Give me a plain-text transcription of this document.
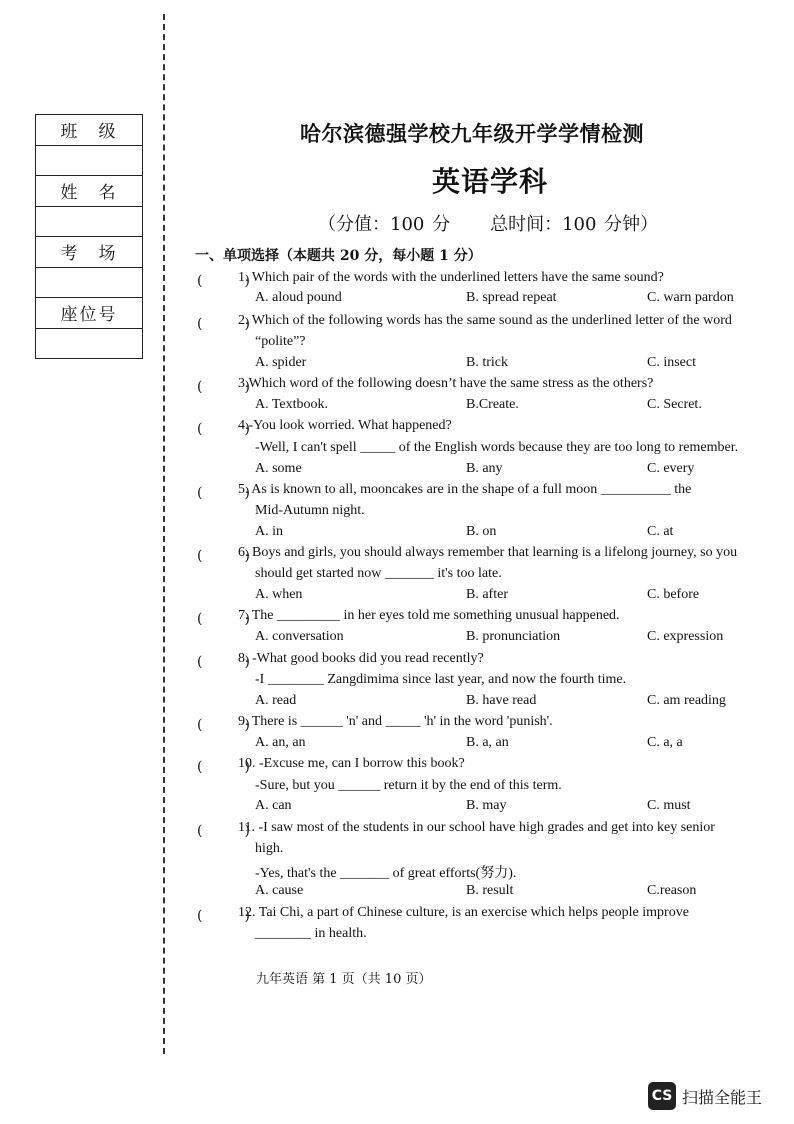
班　级
姓　名
考　场
座位号
哈尔滨德强学校九年级开学学情检测
英语学科
（分值：100 分 总时间：100 分钟）
一、单项选择（本题共 20 分，每小题 1 分）
(　　　)
1. Which pair of the words with the underlined letters have the same sound?
A. aloud pound	B. spread repeat	C. warn pardon
(　　　)
2. Which of the following words has the same sound as the underlined letter of the word
“polite”?
A. spider	B. trick	C. insect
(　　　)
3.Which word of the following doesn’t have the same stress as the others?
A. Textbook.	B.Create.	C. Secret.
(　　　)
4.-You look worried. What happened?
-Well, I can't spell _____ of the English words because they are too long to remember.
A. some	B. any	C. every
(　　　)
5. As is known to all, mooncakes are in the shape of a full moon __________ the
Mid-Autumn night.
A. in	B. on	C. at
(　　　)
6. Boys and girls, you should always remember that learning is a lifelong journey, so you
should get started now _______ it's too late.
A. when	B. after	C. before
(　　　)
7. The _________ in her eyes told me something unusual happened.
A. conversation	B. pronunciation	C. expression
(　　　)
8. -What good books did you read recently?
-I ________ Zangdimima since last year, and now the fourth time.
A. read	B. have read	C. am reading
(　　　)
9. There is ______ 'n' and _____ 'h' in the word 'punish'.
A. an, an	B. a, an	C. a, a
(　　　)
10. -Excuse me, can I borrow this book?
-Sure, but you ______ return it by the end of this term.
A. can	B. may	C. must
(　　　)
11. -I saw most of the students in our school have high grades and get into key senior
high.
-Yes, that's the _______ of great efforts(努力).
A. cause	B. result	C.reason
(　　　)
12. Tai Chi, a part of Chinese culture, is an exercise which helps people improve
________ in health.
九年英语 第 1 页（共 10 页）
CS 扫描全能王
